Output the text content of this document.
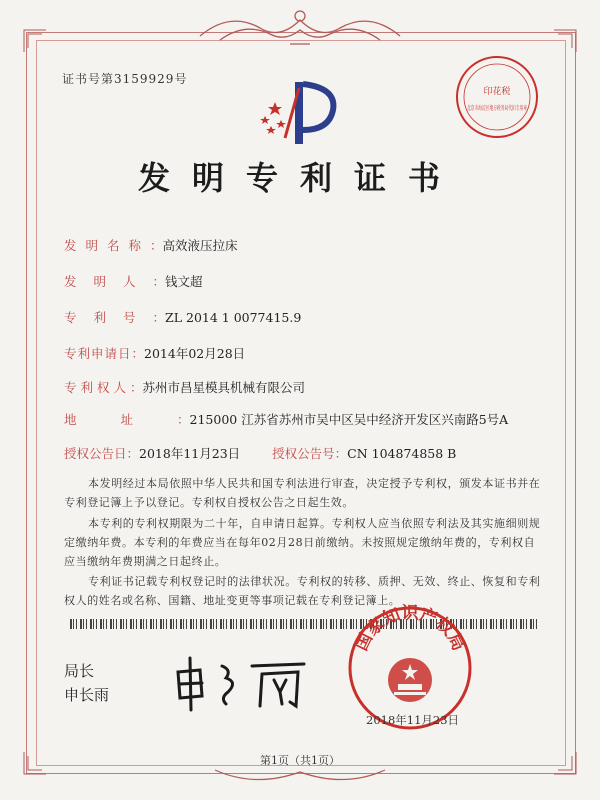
证书号第3159929号
印花税
北京市海淀区地方税务局代扣专用章
发明专利证书
发明名称：高效液压拉床
发明人：钱文超
专利号：ZL 2014 1 0077415.9
专利申请日：2014年02月28日
专利权人：苏州市昌星模具机械有限公司
地址：215000 江苏省苏州市吴中区吴中经济开发区兴南路5号A
授权公告日：2018年11月23日	授权公告号：CN 104874858 B
本发明经过本局依照中华人民共和国专利法进行审查，决定授予专利权，颁发本证书并在专利登记簿上予以登记。专利权自授权公告之日起生效。
本专利的专利权期限为二十年，自申请日起算。专利权人应当依照专利法及其实施细则规定缴纳年费。本专利的年费应当在每年02月28日前缴纳。未按照规定缴纳年费的，专利权自应当缴纳年费期满之日起终止。
专利证书记载专利权登记时的法律状况。专利权的转移、质押、无效、终止、恢复和专利权人的姓名或名称、国籍、地址变更等事项记载在专利登记簿上。
局长
申长雨
国家知识产权局
2018年11月23日
第1页（共1页）
